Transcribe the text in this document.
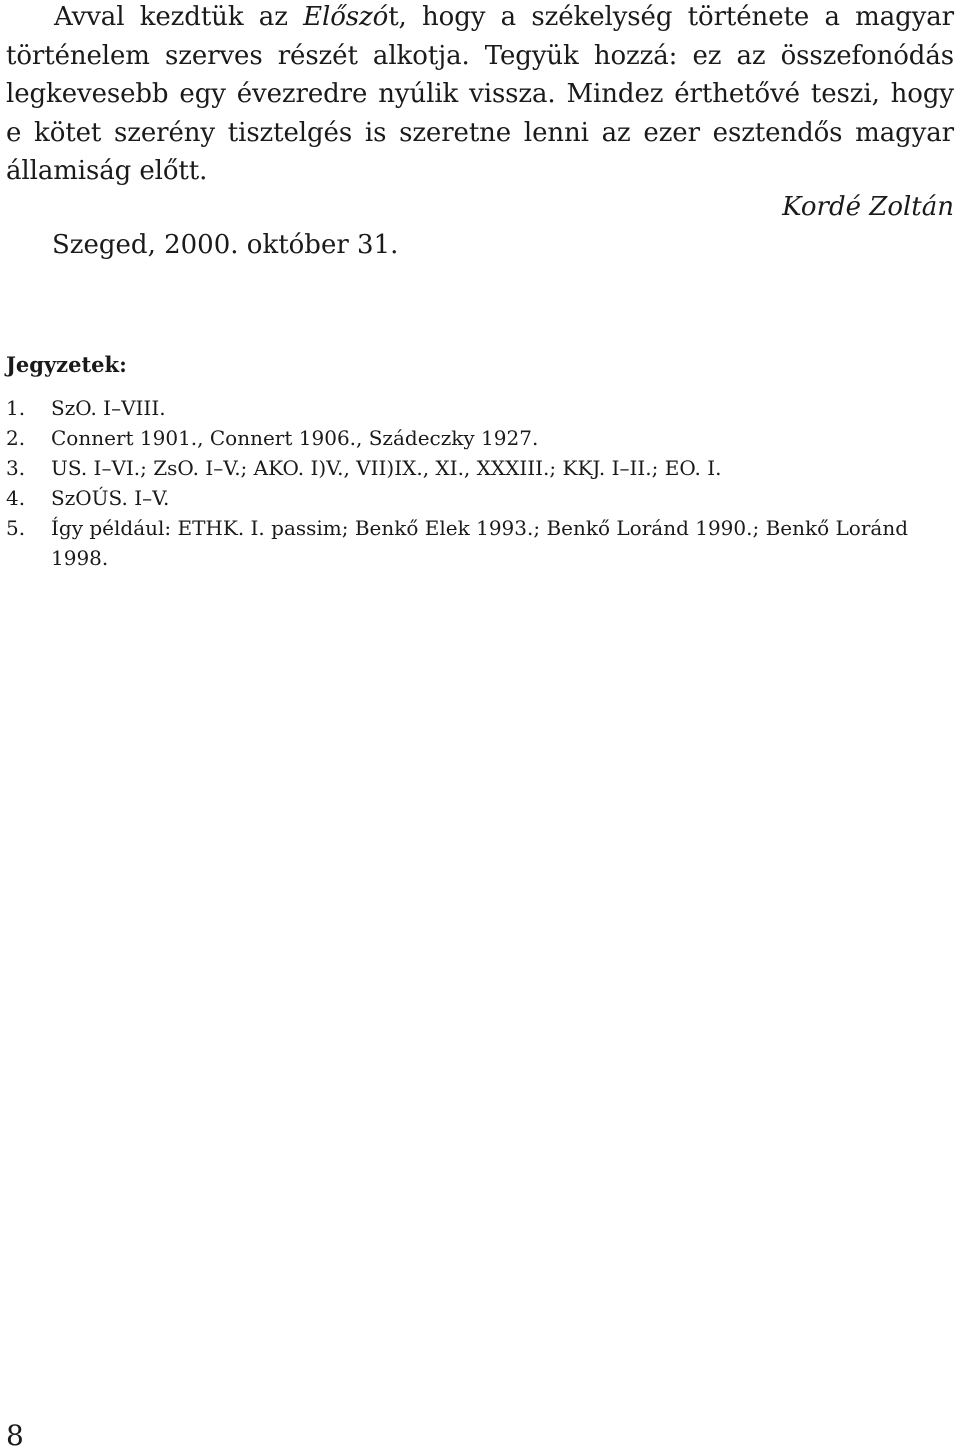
Avval kezdtük az Előszót, hogy a székelység története a magyar történelem szerves részét alkotja. Tegyük hozzá: ez az összefonódás legkevesebb egy évezredre nyúlik vissza. Mindez érthetővé teszi, hogy e kötet szerény tisztelgés is szeretne lenni az ezer esztendős magyar államiság előtt.

Kordé Zoltán
Szeged, 2000. október 31.
Jegyzetek:
1. SzO. I–VIII.
2. Connert 1901., Connert 1906., Szádeczky 1927.
3. US. I–VI.; ZsO. I–V.; AKO. I)V., VII)IX., XI., XXXIII.; KKJ. I–II.; EO. I.
4. SzOÚS. I–V.
5. Így például: ETHK. I. passim; Benkő Elek 1993.; Benkő Loránd 1990.; Benkő Loránd 1998.
8
